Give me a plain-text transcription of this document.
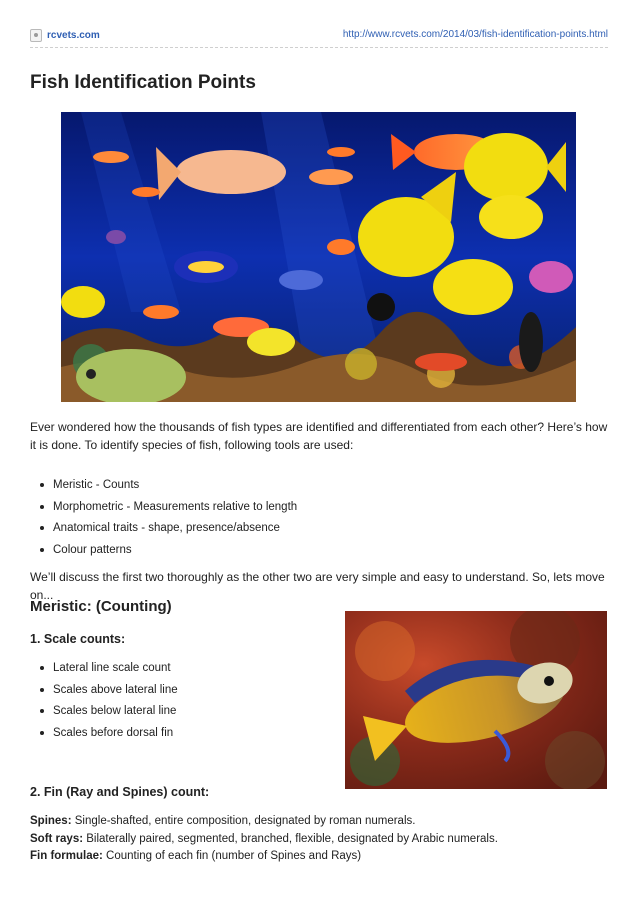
rcvets.com	http://www.rcvets.com/2014/03/fish-identification-points.html
Fish Identification Points

Ever wondered how the thousands of fish types are identified and differentiated from each other? Here’s how it is done. To identify species of fish, following tools are used:

Meristic - Counts
Morphometric - Measurements relative to length
Anatomical traits - shape, presence/absence
Colour patterns

We’ll discuss the first two thoroughly as the other two are very simple and easy to understand. So, lets move on...

Meristic: (Counting)
1. Scale counts:
Lateral line scale count
Scales above lateral line
Scales below lateral line
Scales before dorsal fin
2. Fin (Ray and Spines) count:
Spines: Single-shafted, entire composition, designated by roman numerals.
Soft rays: Bilaterally paired, segmented, branched, flexible, designated by Arabic numerals.
Fin formulae: Counting of each fin (number of Spines and Rays)
